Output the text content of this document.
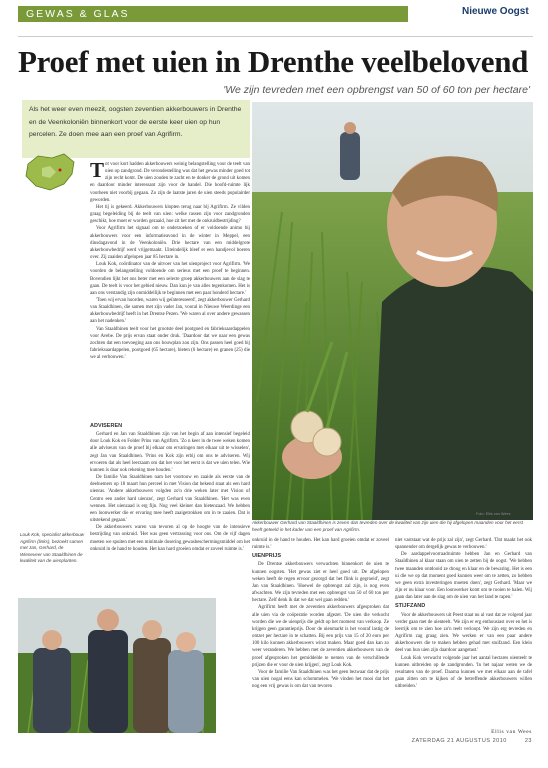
GEWAS & GLAS	Nieuwe Oogst
Proef met uien in Drenthe veelbelovend
'We zijn tevreden met een opbrengst van 50 of 60 ton per hectare'

Als het weer even meezit, oogsten zeventien akkerbouwers in Drenthe en de Veenkoloniën binnenkort voor de eerste keer uien op hun percelen. Ze doen mee aan een proef van Agrifirm.

T ot voor kort hadden akkerbouwers weinig belangstelling voor de teelt van uien op zandgrond. De verondestelling was dat het gewas minder goed tot zijn recht komt. De uien zouden te zacht en te donker de grond uit komen en daardoor minder interessant zijn voor de handel. Die hoofd-ruimte lijk voorheen niet voorbij gegaan. Zo zijn de laatste jaren de uien steeds populairder geworden.

Het tij is gekeerd. Akkerbouwers klopten terug naar bij Agrifirm. Ze vilden graag begeleiding bij de teelt van uien: welke rassen zijn voor zandgronden geschikt, hoe moet er worden gezaaid, hoe zit het met de onkruidbestrijding?

Voor Agrifirm het signaal om te onderzoeken of er voldoende animo bij akkerbouwers voor een informatieavond in de winter in Meppel, een dinsdagavond in de Veenkoloniën. Drie hectare van een middelgrote akkerbouwbedrijf werd vrijgemaakt. Uiteindelijk bleef er een handjevol boeren over. Zij zaaiden afgelopen jaar 85 hectare in.

Louk Kok, coördinator van de uitvoer van het uienproject voor Agrifirm. 'We voorden de belangstelling voldoende om serieus met een proef te beginnen. Bovendien lijkt het ons beter met een selecte groep akkerbouwers aan de slag te gaan. De teelt is voor het gebied nieuw. Dan kun je van alles tegenkomen. Het is aan ons verstandig zijn onmiddellijk te beginnen met een paar honderd hectare.'

'Toen wij ervan hoorden, waren wij geïnteresseerd', zegt akkerbouwer Gerhard van Staaldhinen, die samen met zijn vader Jan, vooral in Nieuwe Weerdinge een akkerbouwbedrijf heeft in het Drentse Pezen. 'We waren al over andere gewassen aan het nadenken.'

Van Staaldhinen teelt voor het grootste deel pootgoed en fabrieksaardappelen voor Avebe. De prijs ervan staat onder druk. 'Daardoor dat we naar een gewas zochten dat een toevoeging aan ons bouwplan zou zijn. Ons passen heel goed bij fabrieksaardappelen, pootgoed (65 hectare), bieten (6 hectare) en granen (25) die we al verbouwen.'

ADVISEREN

Gerhard en Jan van Staaldhinen zijn van het begin af aan intensief begeleid door Louk Kok en Folder Prins van Agrifirm. 'Zo n keer in de twee weken komen alle adviseurs van de proef bij elkaar om ervaringen met elkaar uit te wisselen', zegt Jan van Staaldhinen. 'Prins en Kok zijn erbij om ons te adviseren. Wij ervoeren dat als heel leerzaam om dat het voor het eerst is dat we uien telen. Wie kunnen is daar ook rekening mee houden.'

De familie Van Staaldhinen nam het voortouw en zaaide als eerste van de deelnemers op 18 maart hun perceel in met Vision dat bekend staat als een hard uienras. 'Andere akkerbouwers volgden zo'n drie weken later met Vision of Centro een ander hard uienras', zegt Gerhard van Staaldhinen. 'Het was even wennen. Het uienzaad is erg fijn. Nog veel kleiner dan bietenzaad. We hebben een loonwerker die er ervaring mee heeft zaaigetrokken om in te zaaien. Dat is uitstekend gegaan.'

De akkerbouwers waren van tevoren al op de hoogte van de intensieve bestrijding van onkruid. 'Het was geen vertrassing voor ons. Om de vijf dagen moeten we spuiten met een minimale dosering gewasbeschermingsmiddel om het onkruid in de hand te houden. Het kan hard groeien omdat er zoveel ruimte is.'

Louk Kok, specialist akkerbouw Agrifirm (links), bezoekt samen met Jan, Gerhard, de Wieneveer van Staaldhinen de kwaliteit van de uienplanten.
Foto: Ellis van Wees
Akkerbouwer Gerhard van Staaldhinen is zeven dan tevreden over de kwaliteit van zijn uien die hij afgelopen maanden voor het eerst heeft geteeld in het kader van een proef van Agrifirm.

onkruid in de hand te houden. Het kan hard groeien omdat er zoveel ruimte is.'

UIENPRIJS

De Drentse akkerbouwers verwachten binnenkort de uien te kunnen oogsten. 'Het gewas ziet er heel goed uit. De afgelopen weken heeft de regen ervoor gezorgd dat het flink is gegroeid', zegt Jan van Staaldhinen. 'Hoewel de opbrengst zal zijn, is nog even afwachten. We zijn tevreden met een opbrengst van 50 of 60 ton per hectare. Zelf denk ik dat we dat wel gaan redden.'

Agrifirm heeft met de zeventien akkerbouwers afgesproken dat alle uien via de coöperatie worden afgezet. 'De uien die verkocht worden die we de uienprijs die geldt op het moment van verkoop. Ze krijgen geen garantieprijs. Door de uienmarkt is het vooraf lastig de omzet per hectare in te schatten. Bij een prijs van 15 of 20 euro per 100 kilo kunnen akkerbouwers winst maken. Maar goed dan kan zo weer veranderen. We hebben met de zeventien akkerbouwers van de proef afgesproken het gemiddelde te nemen van de verschillende prijzen die er voor de uien krijgen', zegt Louk Kok.

Voor de familie Van Staaldhinen was het geen bezwaar dat de prijs van uien nogal eens kan schommelen. 'We vinden het mooi dat het nog een vrij gewas is om dat van tevoren

niet vaststaat wat de prijs zal zijn', zegt Gerhard. 'Dat maakt het ook spannender om dergelijk gewas te verbouwen.'

De aardappelvoorraadruimte hebben Jan en Gerhard van Staaldhinen al klaar staan om uien te zetten bij de oogst. 'We hebben twee maanden ontdooid ze droog en klaar en de bewaring. Het is een ui die we op dat moment goed kunnen weer om te zetten, zo hebben we geen extra investeringen moeten doen', zegt Gerhard. 'Maar we zijn er nu klaar voor. Een loonwerker komt om te rooien te halen. Wij gaan dan later aan de slag om de uien van het land te rapen.'

STIJFZAND

Voor de akkerbouwers uit Peest staat nu al vast dat ze volgend jaar verder gaan met de uienteelt. 'We zijn er erg enthousiast over en het is leerrijk om te zien hoe zo'n teelt verloopt. We zijn erg tevreden en Agrifirm zag graag zien. We werken er van een paar andere akkerbouwers die te maken hebben gehad met stuifzand. Een klein deel van hun uien zijn daardoor aangetast.'

Louk Kok verwacht volgende jaar het aantal hectares uienteelt te kunnen uitbreiden op de zandgronden. 'In het najaar weten we de resultaten van de proef. Daarna kunnen we met elkaar aan de tafel gaan zitten om te kijken of de betreffende akkerbouwers willen uitbreiden.'

Ellis van Wees
ZATERDAG 21 AUGUSTUS 2010	23
